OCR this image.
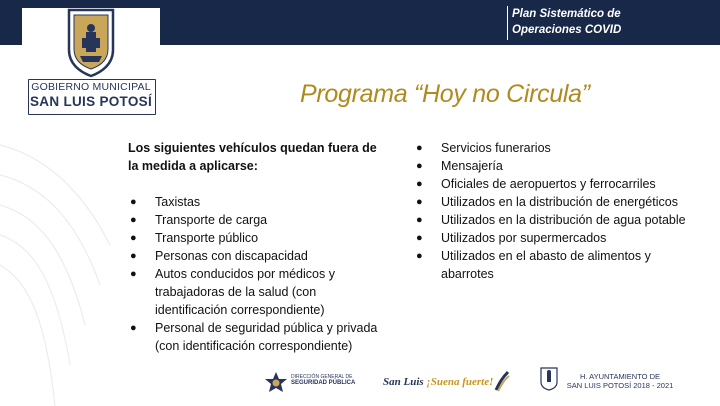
Plan Sistemático de
Operaciones COVID
GOBIERNO MUNICIPAL
SAN LUIS POTOSÍ	Programa “Hoy no Circula”
Los siguientes vehículos quedan fuera de la medida a aplicarse:
● Taxistas
● Transporte de carga
● Transporte público
● Personas con discapacidad
● Autos conducidos por médicos y trabajadoras de la salud (con identificación correspondiente)
● Personal de seguridad pública y privada (con identificación correspondiente)
● Servicios funerarios
● Mensajería
● Oficiales de aeropuertos y ferrocarriles
● Utilizados en la distribución de energéticos
● Utilizados en la distribución de agua potable
● Utilizados por supermercados
● Utilizados en el abasto de alimentos y abarrotes
DIRECCIÓN GENERAL DE
SEGURIDAD PÚBLICA	San Luis ¡Suena fuerte!	H. AYUNTAMIENTO DE
SAN LUIS POTOSÍ 2018 - 2021
